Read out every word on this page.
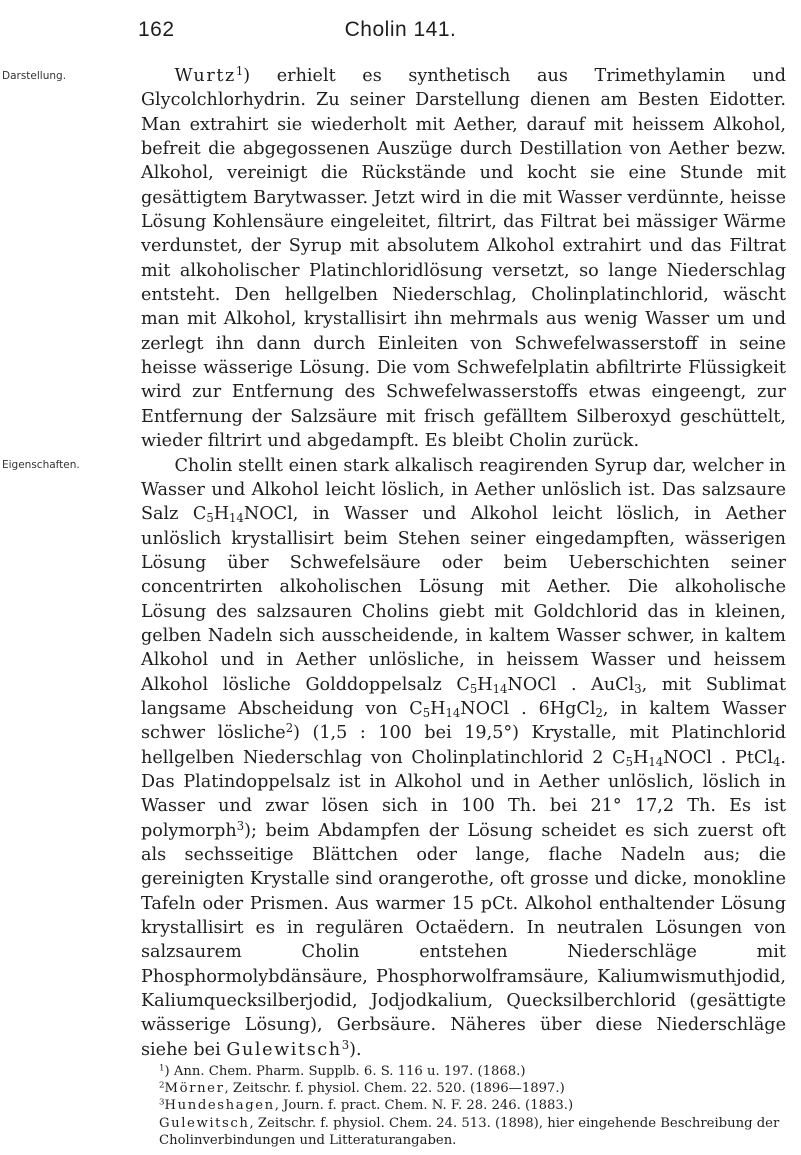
162	Cholin 141.
Darstellung.
Eigenschaften.

Wurtz$^1$) erhielt es synthetisch aus Trimethylamin und Glycolchlorhydrin. Zu seiner Darstellung dienen am Besten Eidotter. Man extrahirt sie wiederholt mit Aether, darauf mit heissem Alkohol, befreit die abgegossenen Auszüge durch Destillation von Aether bezw. Alkohol, vereinigt die Rückstände und kocht sie eine Stunde mit gesättigtem Barytwasser. Jetzt wird in die mit Wasser verdünnte, heisse Lösung Kohlensäure eingeleitet, filtrirt, das Filtrat bei mässiger Wärme verdunstet, der Syrup mit absolutem Alkohol extrahirt und das Filtrat mit alkoholischer Platinchloridlösung versetzt, so lange Niederschlag entsteht. Den hellgelben Niederschlag, Cholinplatinchlorid, wäscht man mit Alkohol, krystallisirt ihn mehrmals aus wenig Wasser um und zerlegt ihn dann durch Einleiten von Schwefelwasserstoff in seine heisse wässerige Lösung. Die vom Schwefelplatin abfiltrirte Flüssigkeit wird zur Entfernung des Schwefelwasserstoffs etwas eingeengt, zur Entfernung der Salzsäure mit frisch gefälltem Silberoxyd geschüttelt, wieder filtrirt und abgedampft. Es bleibt Cholin zurück.

Cholin stellt einen stark alkalisch reagirenden Syrup dar, welcher in Wasser und Alkohol leicht löslich, in Aether unlöslich ist. Das salzsaure Salz $C_5H_{14}NOCl$, in Wasser und Alkohol leicht löslich, in Aether unlöslich krystallisirt beim Stehen seiner eingedampften, wässerigen Lösung über Schwefelsäure oder beim Ueberschichten seiner concentrirten alkoholischen Lösung mit Aether. Die alkoholische Lösung des salzsauren Cholins giebt mit Goldchlorid das in kleinen, gelben Nadeln sich ausscheidende, in kaltem Wasser schwer, in kaltem Alkohol und in Aether unlösliche, in heissem Wasser und heissem Alkohol lösliche Golddoppelsalz $C_5H_{14}NOCl$ . AuCl$_3$, mit Sublimat langsame Abscheidung von $C_5H_{14}NOCl$ . 6HgCl$_2$, in kaltem Wasser schwer lösliche$^2$) (1,5 : 100 bei 19,5°) Krystalle, mit Platinchlorid hellgelben Niederschlag von Cholinplatinchlorid 2 $C_5H_{14}NOCl$ . PtCl$_4$. Das Platindoppelsalz ist in Alkohol und in Aether unlöslich, löslich in Wasser und zwar lösen sich in 100 Th. bei 21° 17,2 Th. Es ist polymorph$^3$); beim Abdampfen der Lösung scheidet es sich zuerst oft als sechsseitige Blättchen oder lange, flache Nadeln aus; die gereinigten Krystalle sind orangerothe, oft grosse und dicke, monokline Tafeln oder Prismen. Aus warmer 15 pCt. Alkohol enthaltender Lösung krystallisirt es in regulären Octaëdern. In neutralen Lösungen von salzsaurem Cholin entstehen Niederschläge mit Phosphormolybdänsäure, Phosphorwolframsäure, Kaliumwismuthjodid, Kaliumquecksilberjodid, Jodjodkalium, Quecksilberchlorid (gesättigte wässerige Lösung), Gerbsäure. Näheres über diese Niederschläge siehe bei Gulewitsch$^3$).

$^1$) Ann. Chem. Pharm. Supplb. 6. S. 116 u. 197. (1868.)

$^2$Mörner, Zeitschr. f. physiol. Chem. 22. 520. (1896—1897.)

$^3$Hundeshagen, Journ. f. pract. Chem. N. F. 28. 246. (1883.)

Gulewitsch, Zeitschr. f. physiol. Chem. 24. 513. (1898), hier eingehende Beschreibung der Cholinverbindungen und Litteraturangaben.
